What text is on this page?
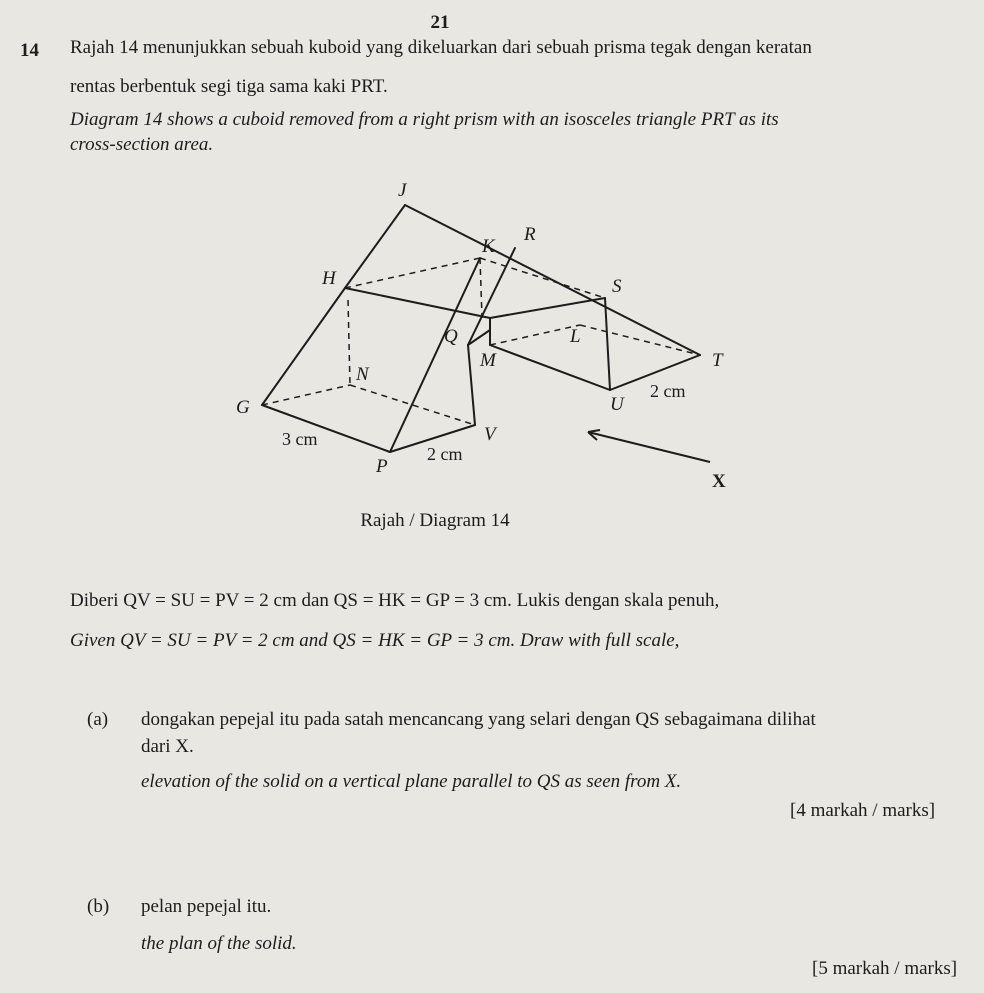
21
14 Rajah 14 menunjukkan sebuah kuboid yang dikeluarkan dari sebuah prisma tegak dengan keratan
rentas berbentuk segi tiga sama kaki PRT.
Diagram 14 shows a cuboid removed from a right prism with an isosceles triangle PRT as its
cross-section area.
J
R
K
H	S
Q	L
M	T
N
G	U
V
P
X
3 cm
2 cm
2 cm
Rajah / Diagram 14
Diberi QV = SU = PV = 2 cm dan QS = HK = GP = 3 cm. Lukis dengan skala penuh,
Given QV = SU = PV = 2 cm and QS = HK = GP = 3 cm. Draw with full scale,
(a) dongakan pepejal itu pada satah mencancang yang selari dengan QS sebagaimana dilihat
dari X.
elevation of the solid on a vertical plane parallel to QS as seen from X.
[4 markah / marks]
(b) pelan pepejal itu.
the plan of the solid.
[5 markah / marks]
